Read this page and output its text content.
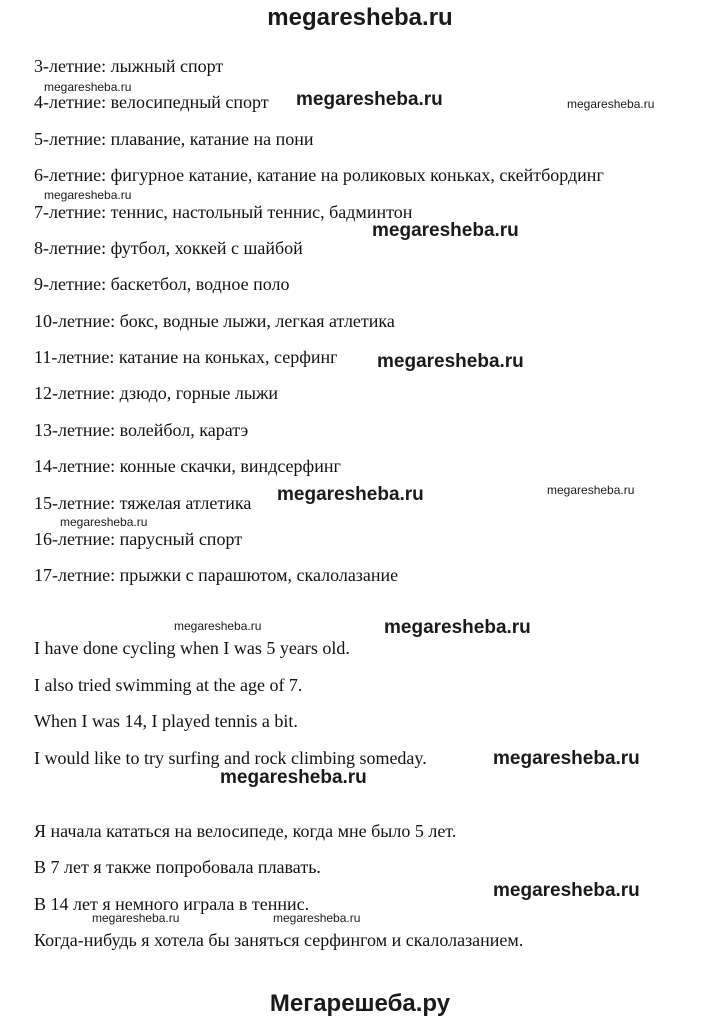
megaresheba.ru
3-летние: лыжный спорт
4-летние: велосипедный спорт
5-летние: плавание, катание на пони
6-летние: фигурное катание, катание на роликовых коньках, скейтбординг
7-летние: теннис, настольный теннис, бадминтон
8-летние: футбол, хоккей с шайбой
9-летние: баскетбол, водное поло
10-летние: бокс, водные лыжи, легкая атлетика
11-летние: катание на коньках, серфинг
12-летние: дзюдо, горные лыжи
13-летние: волейбол, каратэ
14-летние: конные скачки, виндсерфинг
15-летние: тяжелая атлетика
16-летние: парусный спорт
17-летние: прыжки с парашютом, скалолазание
I have done cycling when I was 5 years old.
I also tried swimming at the age of 7.
When I was 14, I played tennis a bit.
I would like to try surfing and rock climbing someday.
Я начала кататься на велосипеде, когда мне было 5 лет.
В 7 лет я также попробовала плавать.
В 14 лет я немного играла в теннис.
Когда-нибудь я хотела бы заняться серфингом и скалолазанием.
megaresheba.ru
megaresheba.ru	megaresheba.ru
megaresheba.ru
megaresheba.ru
megaresheba.ru
megaresheba.ru	megaresheba.ru
megaresheba.ru
megaresheba.ru	megaresheba.ru
megaresheba.ru
megaresheba.ru
megaresheba.ru
megaresheba.ru	megaresheba.ru
Мегарешеба.ру
